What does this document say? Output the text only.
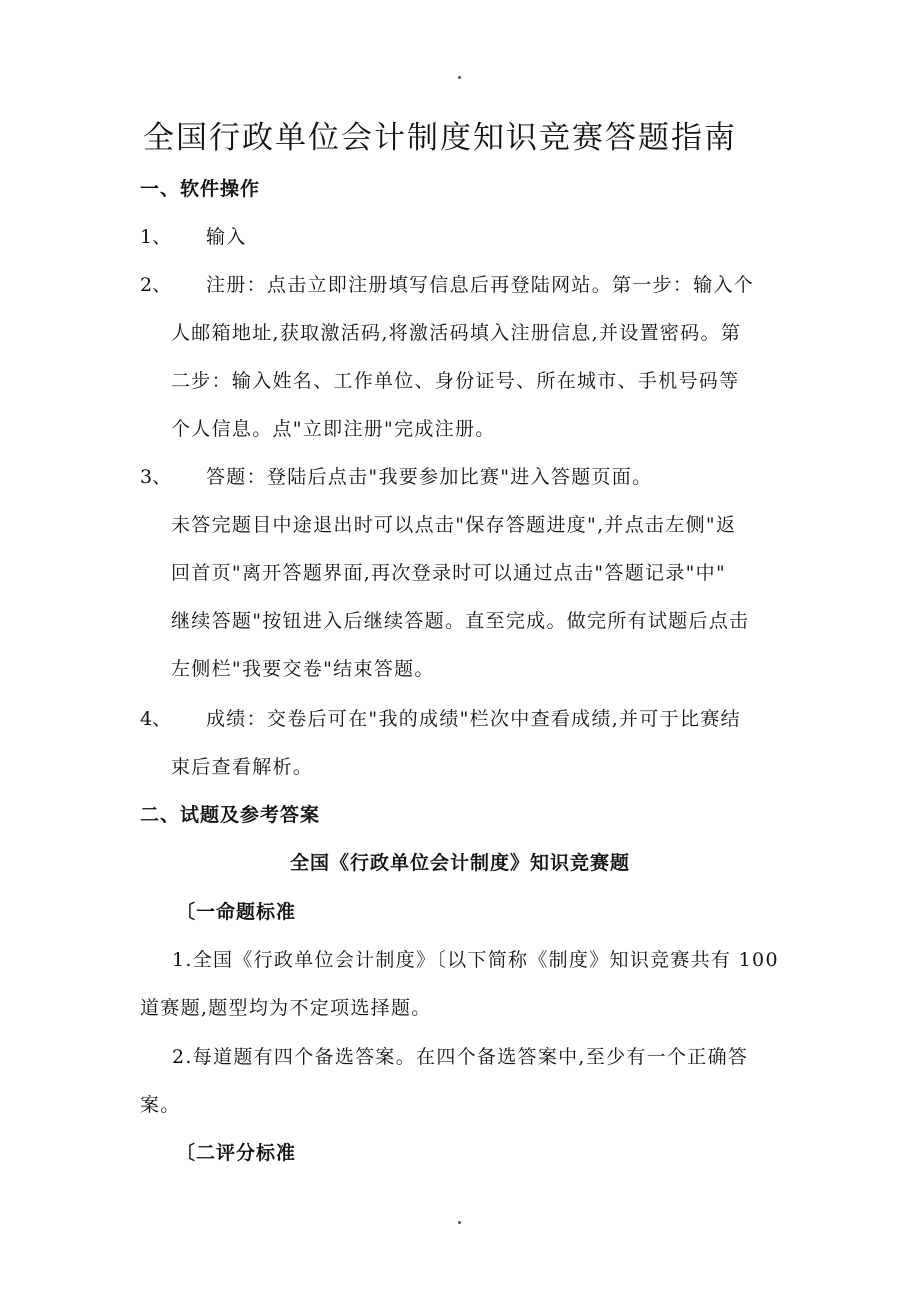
全国行政单位会计制度知识竞赛答题指南
一、软件操作
1、 输入
2、 注册：点击立即注册填写信息后再登陆网站。第一步：输入个
人邮箱地址,获取激活码,将激活码填入注册信息,并设置密码。第
二步：输入姓名、工作单位、身份证号、所在城市、手机号码等
个人信息。点"立即注册"完成注册。
3、 答题：登陆后点击"我要参加比赛"进入答题页面。
未答完题目中途退出时可以点击"保存答题进度",并点击左侧"返
回首页"离开答题界面,再次登录时可以通过点击"答题记录"中"
继续答题"按钮进入后继续答题。直至完成。做完所有试题后点击
左侧栏"我要交卷"结束答题。
4、 成绩：交卷后可在"我的成绩"栏次中查看成绩,并可于比赛结
束后查看解析。
二、试题及参考答案
全国《行政单位会计制度》知识竞赛题
〔一命题标准
1.全国《行政单位会计制度》〔以下简称《制度》知识竞赛共有 100
道赛题,题型均为不定项选择题。
2.每道题有四个备选答案。在四个备选答案中,至少有一个正确答
案。
〔二评分标准
